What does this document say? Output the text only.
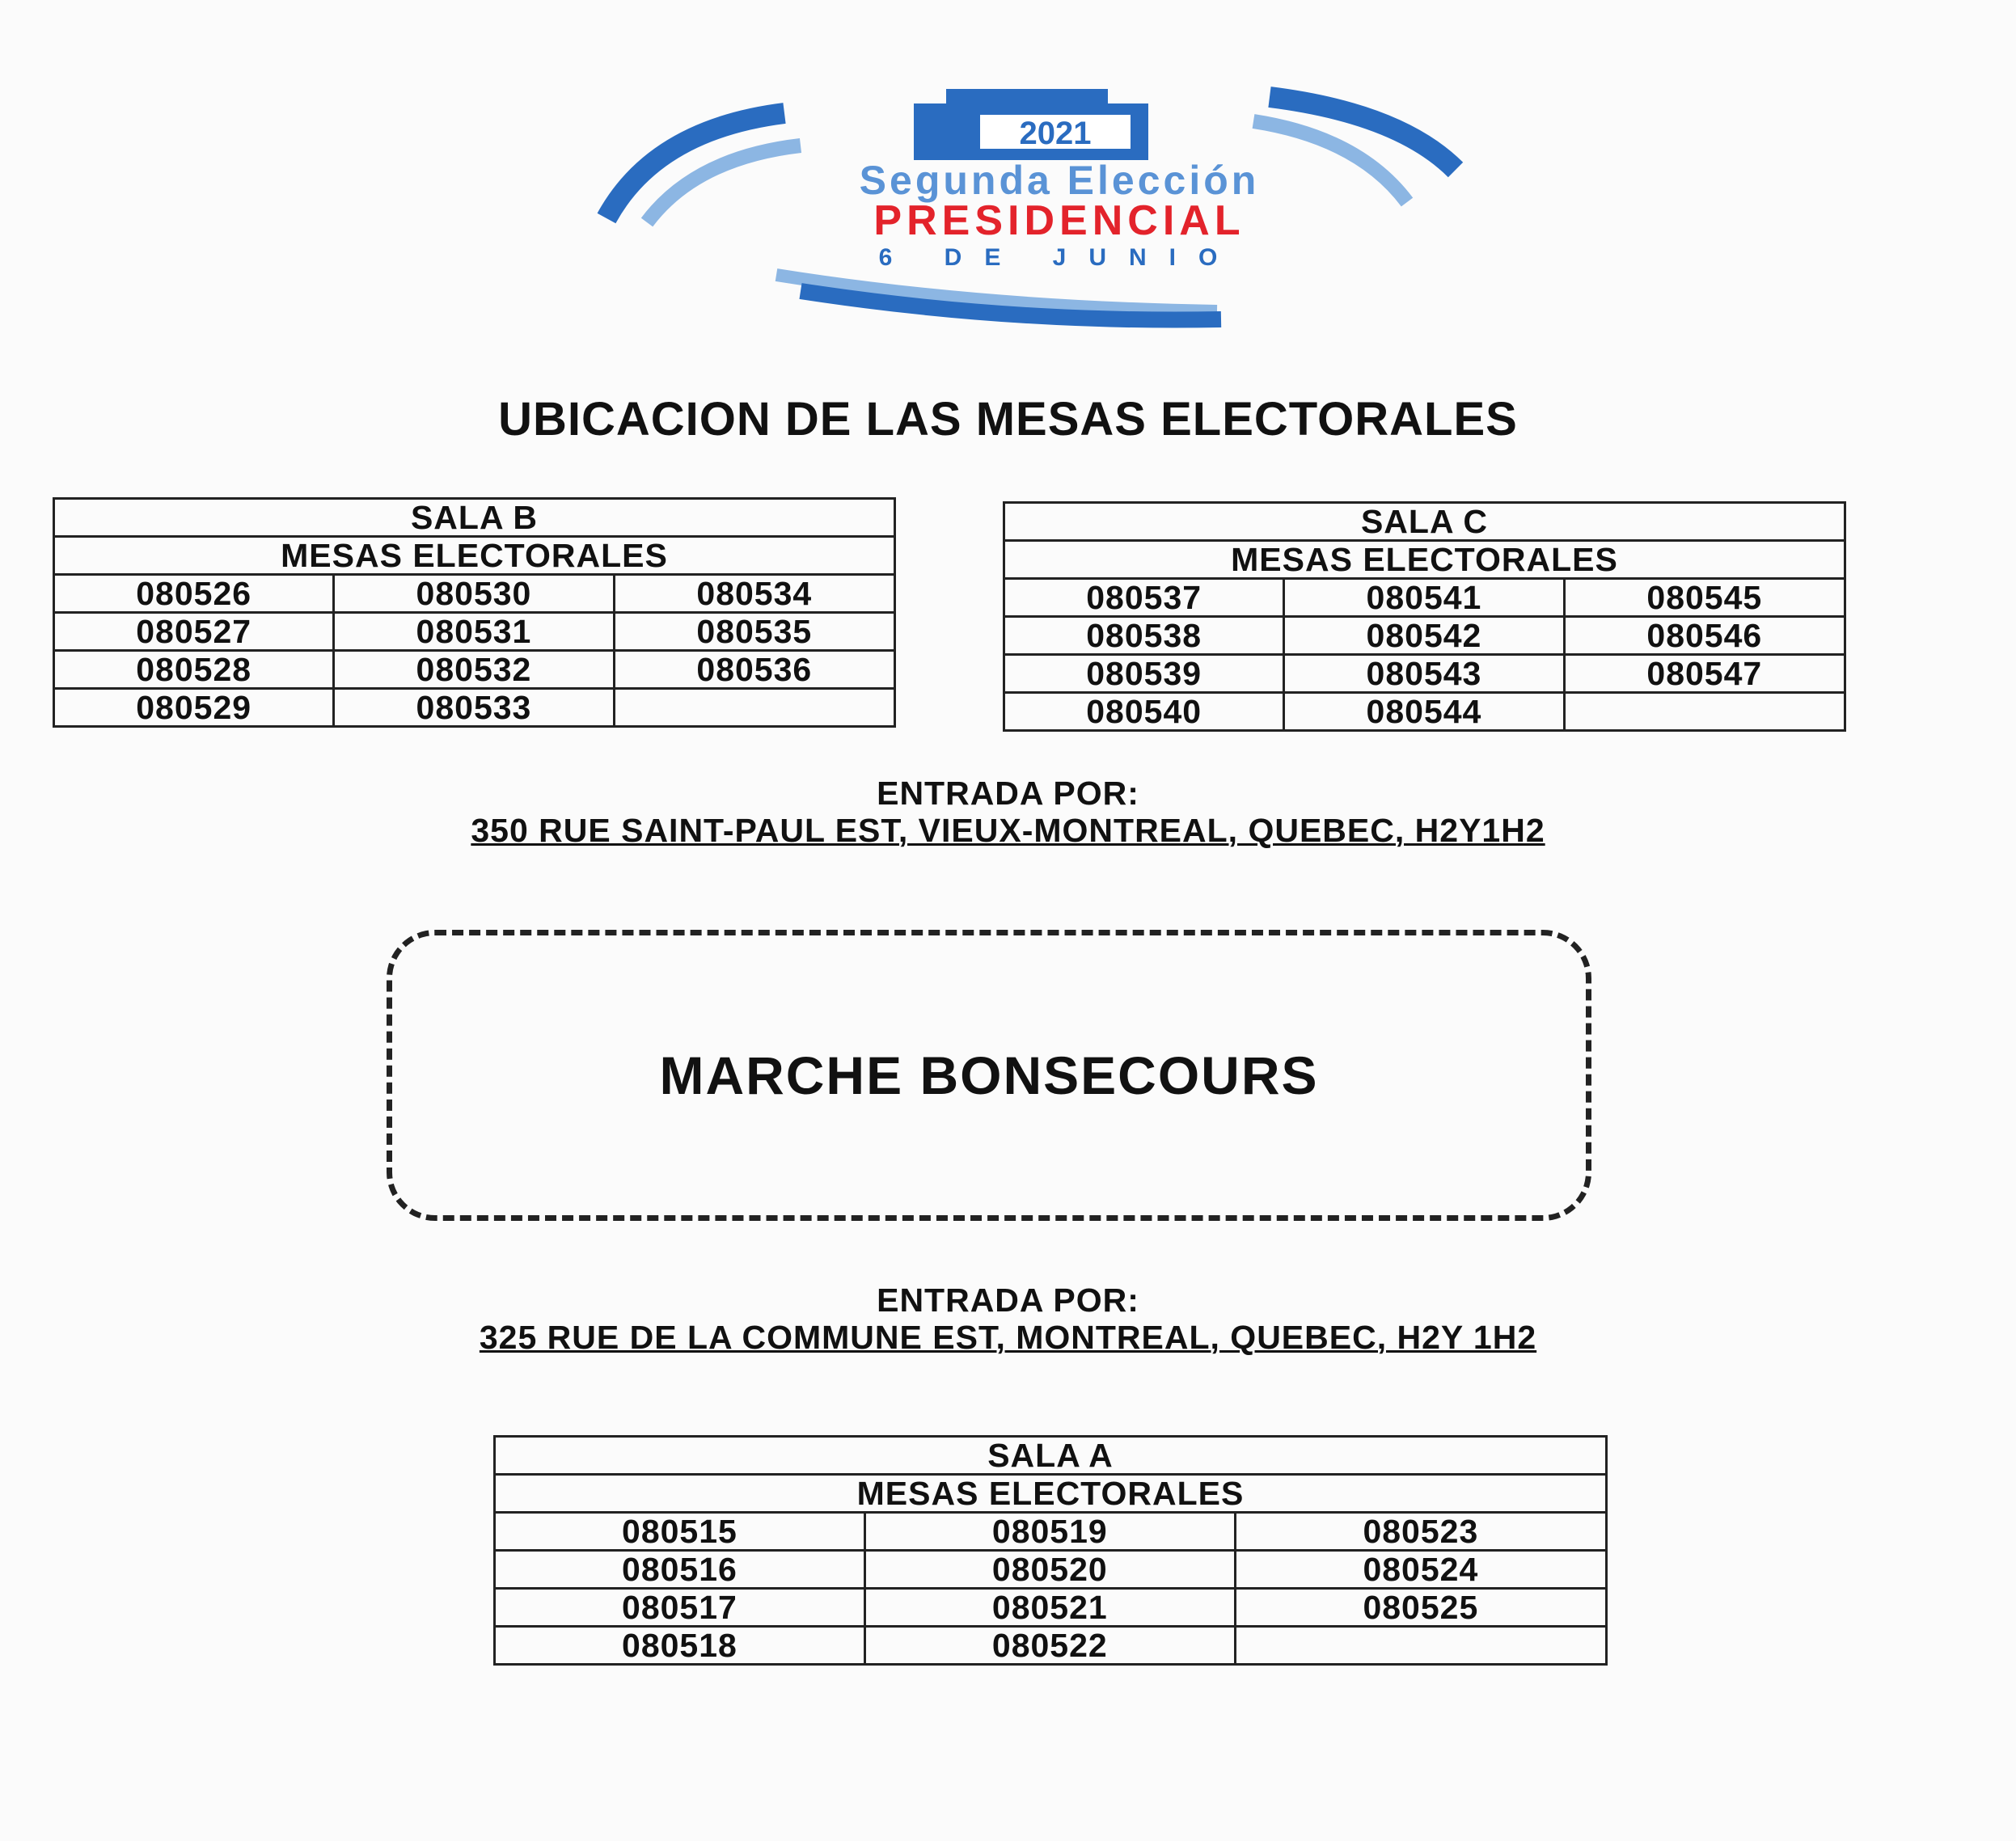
2021
Segunda Elección
PRESIDENCIAL
6 DE JUNIO
UBICACION DE LAS MESAS ELECTORALES
SALA B		
MESAS ELECTORALES		
080526	080530	080534
080527	080531	080535
080528	080532	080536
080529	080533	
SALA C		
MESAS ELECTORALES		
080537	080541	080545
080538	080542	080546
080539	080543	080547
080540	080544	
ENTRADA POR:
350 RUE SAINT-PAUL EST, VIEUX-MONTREAL, QUEBEC, H2Y1H2
MARCHE BONSECOURS
ENTRADA POR:
325 RUE DE LA COMMUNE EST, MONTREAL, QUEBEC, H2Y 1H2
SALA A		
MESAS ELECTORALES		
080515	080519	080523
080516	080520	080524
080517	080521	080525
080518	080522	
